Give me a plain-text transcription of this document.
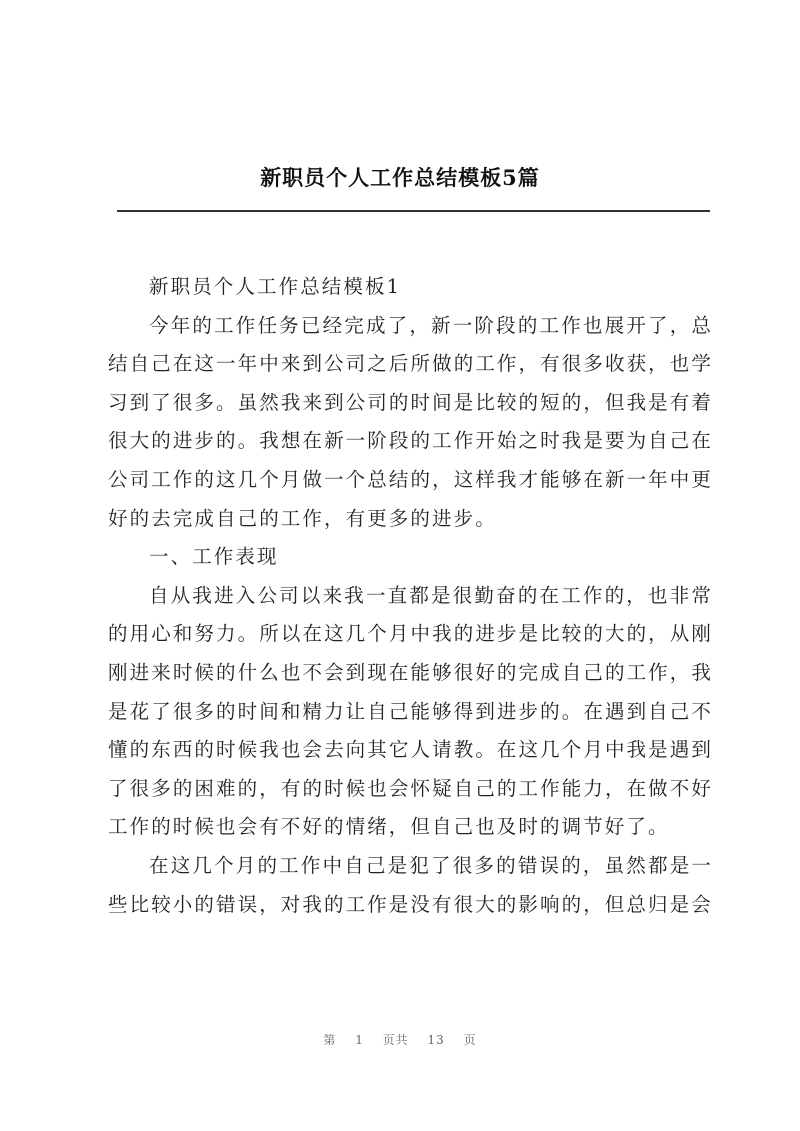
新职员个人工作总结模板5篇

新职员个人工作总结模板1

今年的工作任务已经完成了，新一阶段的工作也展开了，总结自己在这一年中来到公司之后所做的工作，有很多收获，也学习到了很多。虽然我来到公司的时间是比较的短的，但我是有着很大的进步的。我想在新一阶段的工作开始之时我是要为自己在公司工作的这几个月做一个总结的，这样我才能够在新一年中更好的去完成自己的工作，有更多的进步。

一、工作表现

自从我进入公司以来我一直都是很勤奋的在工作的，也非常的用心和努力。所以在这几个月中我的进步是比较的大的，从刚刚进来时候的什么也不会到现在能够很好的完成自己的工作，我是花了很多的时间和精力让自己能够得到进步的。在遇到自己不懂的东西的时候我也会去向其它人请教。在这几个月中我是遇到了很多的困难的，有的时候也会怀疑自己的工作能力，在做不好工作的时候也会有不好的情绪，但自己也及时的调节好了。

在这几个月的工作中自己是犯了很多的错误的，虽然都是一些比较小的错误，对我的工作是没有很大的影响的，但总归是会

第 1 页共 13 页
